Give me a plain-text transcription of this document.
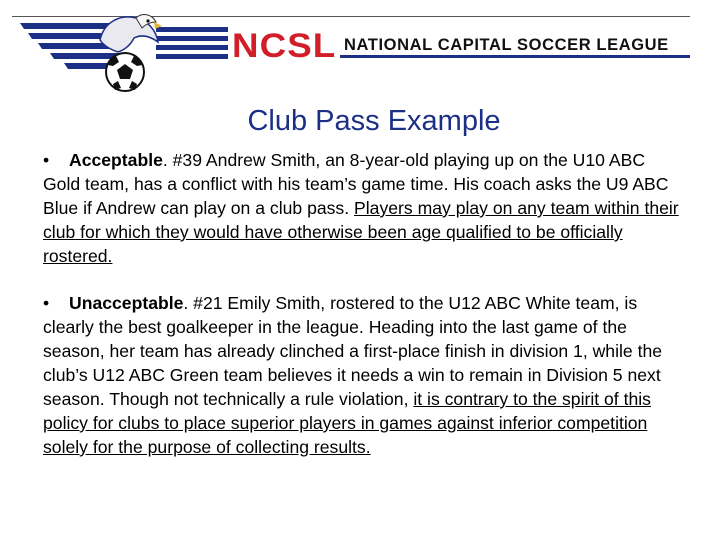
NCSL NATIONAL CAPITAL SOCCER LEAGUE
Club Pass Example
• Acceptable. #39 Andrew Smith, an 8-year-old playing up on the U10 ABC Gold team, has a conflict with his team’s game time. His coach asks the U9 ABC Blue if Andrew can play on a club pass. Players may play on any team within their club for which they would have otherwise been age qualified to be officially rostered.
• Unacceptable. #21 Emily Smith, rostered to the U12 ABC White team, is clearly the best goalkeeper in the league. Heading into the last game of the season, her team has already clinched a first-place finish in division 1, while the club’s U12 ABC Green team believes it needs a win to remain in Division 5 next season. Though not technically a rule violation, it is contrary to the spirit of this policy for clubs to place superior players in games against inferior competition solely for the purpose of collecting results.
